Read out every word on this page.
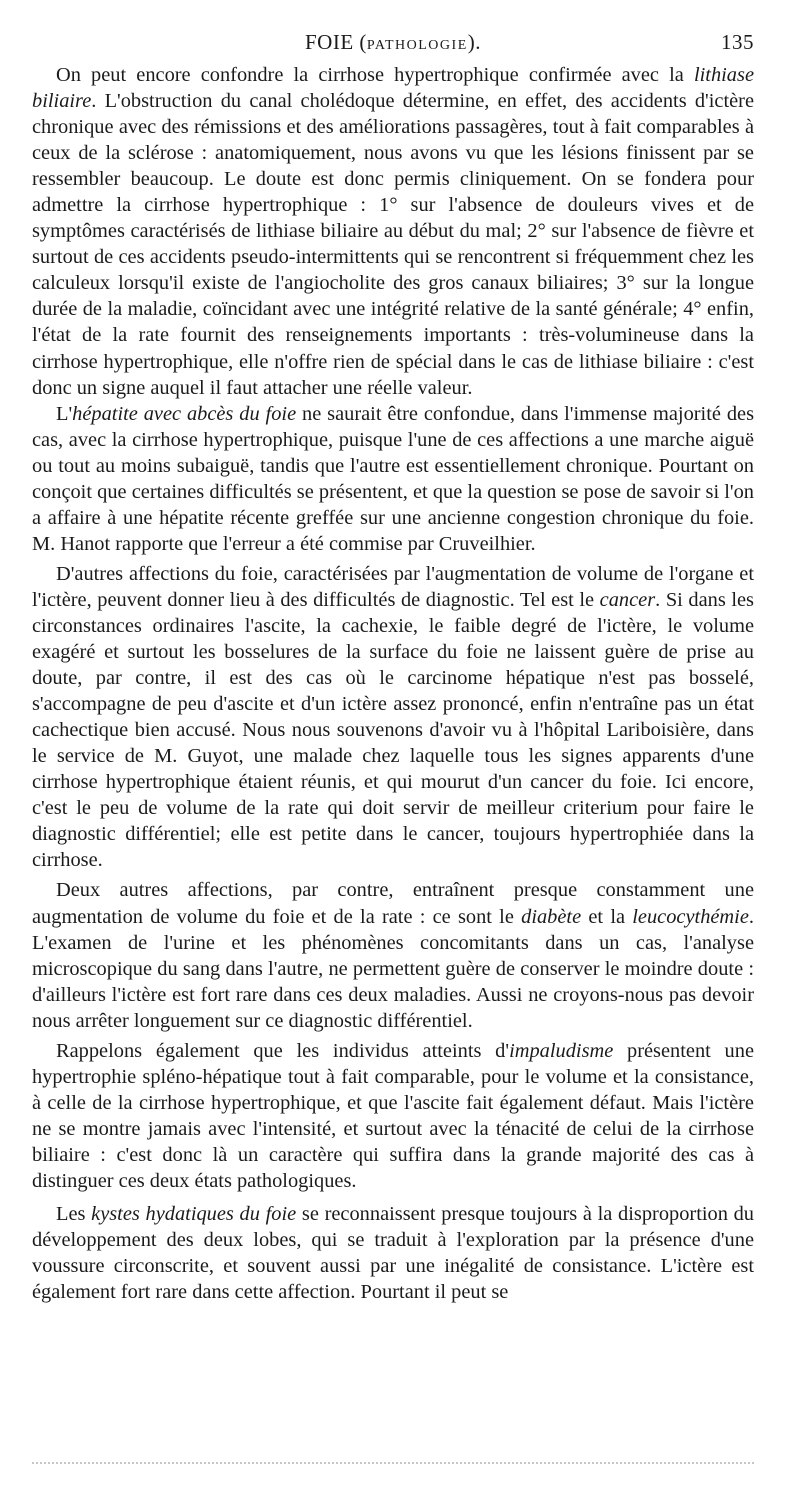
FOIE (PATHOLOGIE).	135

On peut encore confondre la cirrhose hypertrophique confirmée avec la lithiase biliaire. L'obstruction du canal cholédoque détermine, en effet, des accidents d'ictère chronique avec des rémissions et des améliorations passagères, tout à fait comparables à ceux de la sclérose : anatomiquement, nous avons vu que les lésions finissent par se ressembler beaucoup. Le doute est donc permis cliniquement. On se fondera pour admettre la cirrhose hypertrophique : 1° sur l'absence de douleurs vives et de symptômes caractérisés de lithiase biliaire au début du mal; 2° sur l'absence de fièvre et surtout de ces accidents pseudo-intermittents qui se rencontrent si fréquemment chez les calculeux lorsqu'il existe de l'angiocholite des gros canaux biliaires; 3° sur la longue durée de la maladie, coïncidant avec une intégrité relative de la santé générale; 4° enfin, l'état de la rate fournit des renseignements importants : très-volumineuse dans la cirrhose hypertrophique, elle n'offre rien de spécial dans le cas de lithiase biliaire : c'est donc un signe auquel il faut attacher une réelle valeur.

L'hépatite avec abcès du foie ne saurait être confondue, dans l'immense majorité des cas, avec la cirrhose hypertrophique, puisque l'une de ces affections a une marche aiguë ou tout au moins subaiguë, tandis que l'autre est essentiellement chronique. Pourtant on conçoit que certaines difficultés se présentent, et que la question se pose de savoir si l'on a affaire à une hépatite récente greffée sur une ancienne congestion chronique du foie. M. Hanot rapporte que l'erreur a été commise par Cruveilhier.

D'autres affections du foie, caractérisées par l'augmentation de volume de l'organe et l'ictère, peuvent donner lieu à des difficultés de diagnostic. Tel est le cancer. Si dans les circonstances ordinaires l'ascite, la cachexie, le faible degré de l'ictère, le volume exagéré et surtout les bosselures de la surface du foie ne laissent guère de prise au doute, par contre, il est des cas où le carcinome hépatique n'est pas bosselé, s'accompagne de peu d'ascite et d'un ictère assez prononcé, enfin n'entraîne pas un état cachectique bien accusé. Nous nous souvenons d'avoir vu à l'hôpital Lariboisière, dans le service de M. Guyot, une malade chez laquelle tous les signes apparents d'une cirrhose hypertrophique étaient réunis, et qui mourut d'un cancer du foie. Ici encore, c'est le peu de volume de la rate qui doit servir de meilleur criterium pour faire le diagnostic différentiel; elle est petite dans le cancer, toujours hypertrophiée dans la cirrhose.

Deux autres affections, par contre, entraînent presque constamment une augmentation de volume du foie et de la rate : ce sont le diabète et la leucocythémie. L'examen de l'urine et les phénomènes concomitants dans un cas, l'analyse microscopique du sang dans l'autre, ne permettent guère de conserver le moindre doute : d'ailleurs l'ictère est fort rare dans ces deux maladies. Aussi ne croyons-nous pas devoir nous arrêter longuement sur ce diagnostic différentiel.

Rappelons également que les individus atteints d'impaludisme présentent une hypertrophie spléno-hépatique tout à fait comparable, pour le volume et la consistance, à celle de la cirrhose hypertrophique, et que l'ascite fait également défaut. Mais l'ictère ne se montre jamais avec l'intensité, et surtout avec la ténacité de celui de la cirrhose biliaire : c'est donc là un caractère qui suffira dans la grande majorité des cas à distinguer ces deux états pathologiques.

Les kystes hydatiques du foie se reconnaissent presque toujours à la disproportion du développement des deux lobes, qui se traduit à l'exploration par la présence d'une voussure circonscrite, et souvent aussi par une inégalité de consistance. L'ictère est également fort rare dans cette affection. Pourtant il peut se
